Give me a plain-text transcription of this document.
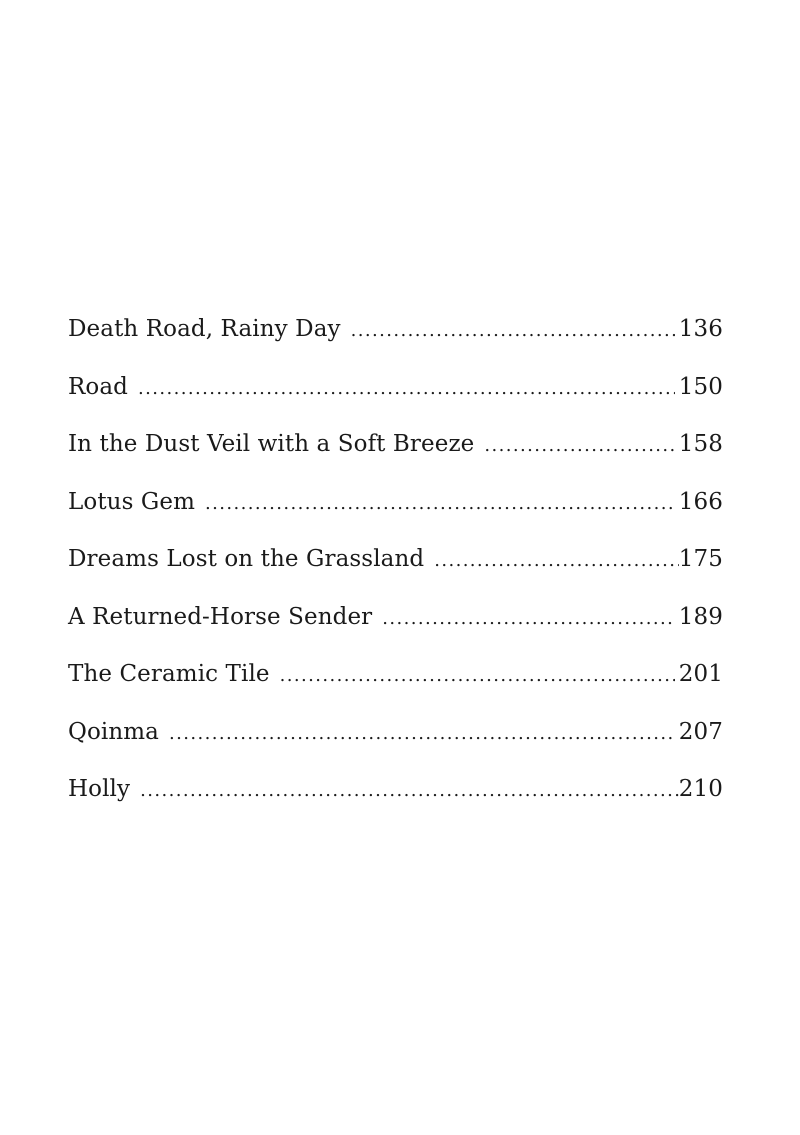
Death Road, Rainy Day .....	136
Road .....	150
In the Dust Veil with a Soft Breeze .....	158
Lotus Gem .....	166
Dreams Lost on the Grassland .....	175
A Returned-Horse Sender .....	189
The Ceramic Tile .....	201
Qoinma .....	207
Holly .....	210
